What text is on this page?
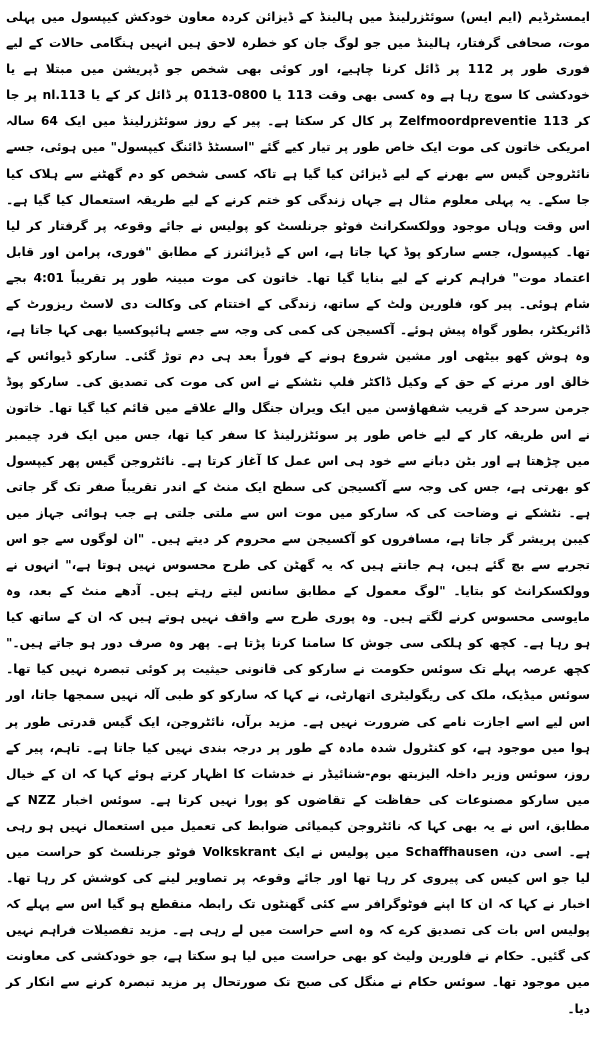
ایمسٹرڈیم (ایم ایس) سوئٹزرلینڈ میں ہالینڈ کے ڈیزائن کردہ معاون خودکش کیپسول میں پہلی موت، صحافی گرفتار، ہالینڈ میں جو لوگ جان کو خطرہ لاحق ہیں انہیں ہنگامی حالات کے لیے فوری طور پر 112 پر ڈائل کرنا چاہیے، اور کوئی بھی شخص جو ڈپریشن میں مبتلا ہے یا خودکشی کا سوچ رہا ہے وہ کسی بھی وقت 113 یا 0800-0113 پر ڈائل کر کے یا 113.nl پر جا کر 113 Zelfmoordpreventie پر کال کر سکتا ہے۔ پیر کے روز سوئٹزرلینڈ میں ایک 64 سالہ امریکی خاتون کی موت ایک خاص طور پر تیار کیے گئے "اسسٹڈ ڈائنگ کیپسول" میں ہوئی، جسے نائٹروجن گیس سے بھرنے کے لیے ڈیزائن کیا گیا ہے تاکہ کسی شخص کو دم گھٹنے سے ہلاک کیا جا سکے۔ یہ پہلی معلوم مثال ہے جہاں زندگی کو ختم کرنے کے لیے طریقہ استعمال کیا گیا ہے۔ اس وقت وہاں موجود وولکسکرانٹ فوٹو جرنلسٹ کو پولیس نے جائے وقوعہ پر گرفتار کر لیا تھا۔ کیپسول، جسے سارکو پوڈ کہا جاتا ہے، اس کے ڈیزائنرز کے مطابق "فوری، پرامن اور قابل اعتماد موت" فراہم کرنے کے لیے بنایا گیا تھا۔ خاتون کی موت مبینہ طور پر تقریباً 4:01 بجے شام ہوئی۔ پیر کو، فلورین ولٹ کے ساتھ، زندگی کے اختتام کی وکالت دی لاسٹ ریزورٹ کے ڈائریکٹر، بطور گواہ پیش ہوئے۔ آکسیجن کی کمی کی وجہ سے جسے ہائپوکسیا بھی کہا جاتا ہے، وہ ہوش کھو بیٹھی اور مشین شروع ہونے کے فوراً بعد ہی دم توڑ گئی۔ سارکو ڈیوائس کے خالق اور مرنے کے حق کے وکیل ڈاکٹر فلپ نٹشکے نے اس کی موت کی تصدیق کی۔ سارکو پوڈ جرمن سرحد کے قریب شفھاؤسن میں ایک ویران جنگل والے علاقے میں قائم کیا گیا تھا۔ خاتون نے اس طریقہ کار کے لیے خاص طور پر سوئٹزرلینڈ کا سفر کیا تھا، جس میں ایک فرد چیمبر میں چڑھتا ہے اور بٹن دبانے سے خود ہی اس عمل کا آغاز کرتا ہے۔ نائٹروجن گیس پھر کیپسول کو بھرتی ہے، جس کی وجہ سے آکسیجن کی سطح ایک منٹ کے اندر تقریباً صفر تک گر جاتی ہے۔ نٹشکے نے وضاحت کی کہ سارکو میں موت اس سے ملتی جلتی ہے جب ہوائی جہاز میں کیبن پریشر گر جاتا ہے، مسافروں کو آکسیجن سے محروم کر دیتے ہیں۔ "ان لوگوں سے جو اس تجربے سے بچ گئے ہیں، ہم جانتے ہیں کہ یہ گھٹن کی طرح محسوس نہیں ہوتا ہے،" انہوں نے وولکسکرانٹ کو بتایا۔ "لوگ معمول کے مطابق سانس لیتے رہتے ہیں۔ آدھے منٹ کے بعد، وہ مایوسی محسوس کرنے لگتے ہیں۔ وہ پوری طرح سے واقف نہیں ہوتے ہیں کہ ان کے ساتھ کیا ہو رہا ہے۔ کچھ کو ہلکی سی جوش کا سامنا کرنا پڑتا ہے۔ پھر وہ صرف دور ہو جاتے ہیں۔" کچھ عرصہ پہلے تک سوئس حکومت نے سارکو کی قانونی حیثیت پر کوئی تبصرہ نہیں کیا تھا۔ سوئس میڈیک، ملک کی ریگولیٹری اتھارٹی، نے کہا کہ سارکو کو طبی آلہ نہیں سمجھا جاتا، اور اس لیے اسے اجازت نامے کی ضرورت نہیں ہے۔ مزید برآں، نائٹروجن، ایک گیس قدرتی طور پر ہوا میں موجود ہے، کو کنٹرول شدہ مادہ کے طور پر درجہ بندی نہیں کیا جاتا ہے۔ تاہم، پیر کے روز، سوئس وزیر داخلہ الیزبتھ بوم-شنائیڈر نے خدشات کا اظہار کرتے ہوئے کہا کہ ان کے خیال میں سارکو مصنوعات کی حفاظت کے تقاضوں کو پورا نہیں کرتا ہے۔ سوئس اخبار NZZ کے مطابق، اس نے یہ بھی کہا کہ نائٹروجن کیمیائی ضوابط کی تعمیل میں استعمال نہیں ہو رہی ہے۔ اسی دن، Schaffhausen میں پولیس نے ایک Volkskrant فوٹو جرنلسٹ کو حراست میں لیا جو اس کیس کی پیروی کر رہا تھا اور جائے وقوعہ پر تصاویر لینے کی کوشش کر رہا تھا۔ اخبار نے کہا کہ ان کا اپنے فوٹوگرافر سے کئی گھنٹوں تک رابطہ منقطع ہو گیا اس سے پہلے کہ پولیس اس بات کی تصدیق کرے کہ وہ اسے حراست میں لے رہی ہے۔ مزید تفصیلات فراہم نہیں کی گئیں۔ حکام نے فلورین ولیٹ کو بھی حراست میں لیا ہو سکتا ہے، جو خودکشی کی معاونت میں موجود تھا۔ سوئس حکام نے منگل کی صبح تک صورتحال پر مزید تبصرہ کرنے سے انکار کر دیا۔
